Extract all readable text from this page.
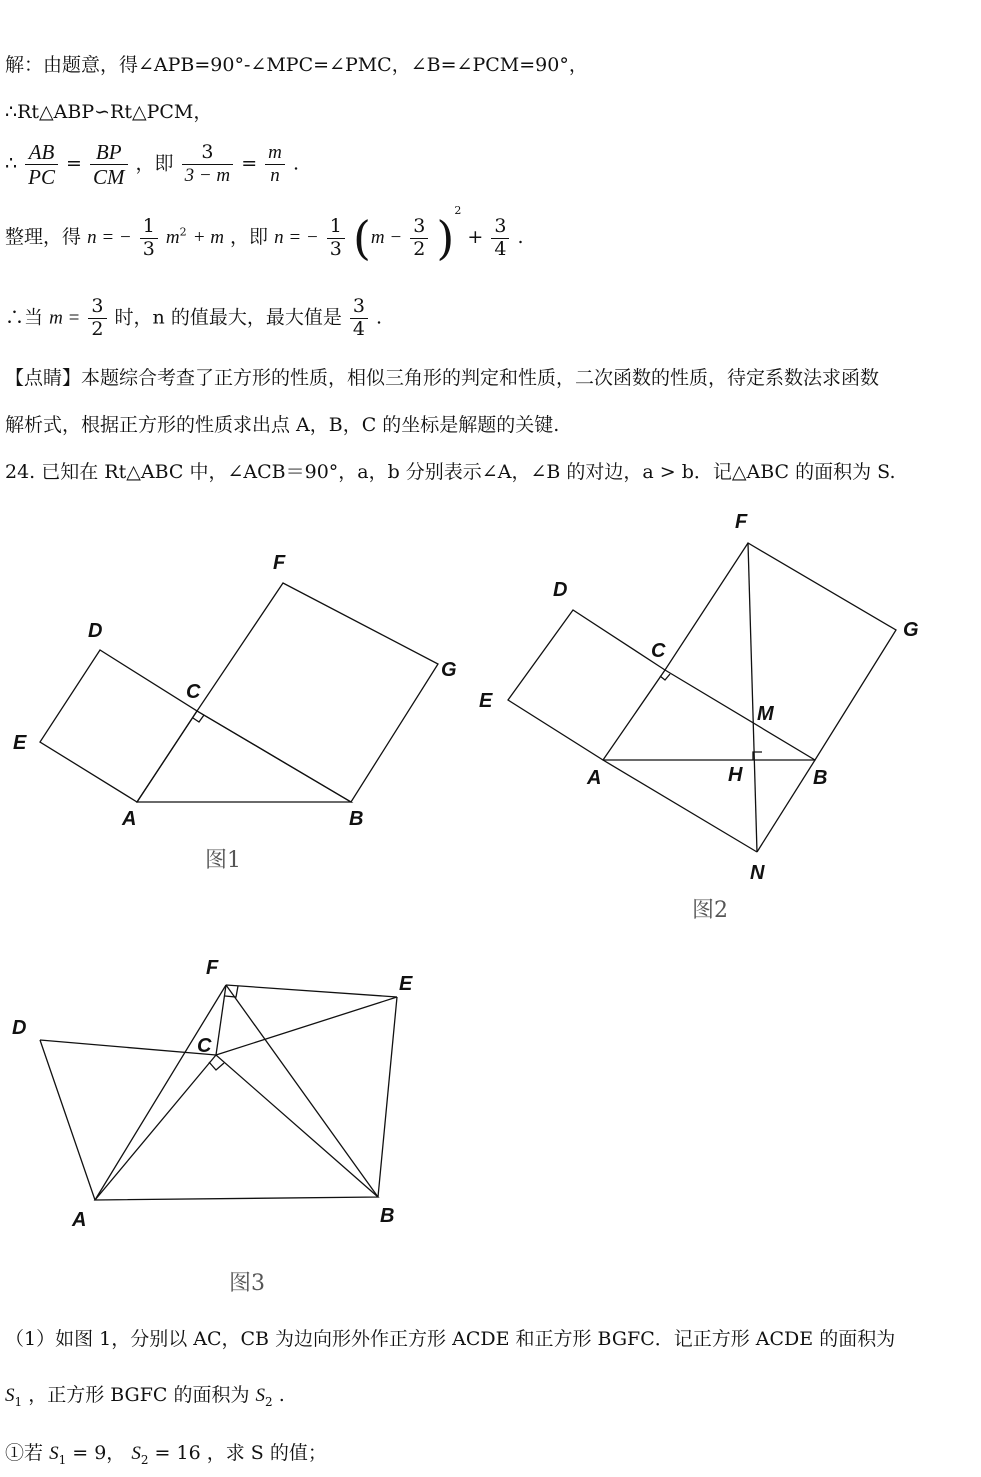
解：由题意，得∠APB=90°-∠MPC=∠PMC，∠B=∠PCM=90°，
∴Rt△ABP∽Rt△PCM，
∴ $\frac{AB}{PC} = \frac{BP}{CM}$ ，即 $\frac{3}{3 - m} = \frac{m}{n}$ .
整理，得 n = − $\frac{1}{3} m^2 + m$ ，即 n = − $\frac{1}{3} (m - \frac{3}{2} )^2 + \frac{3}{4}$ .
∴当 $m = \frac{3}{2}$ 时，n 的值最大，最大值是 $\frac{3}{4}$ .
【点睛】本题综合考查了正方形的性质，相似三角形的判定和性质，二次函数的性质，待定系数法求函数
解析式，根据正方形的性质求出点 A，B，C 的坐标是解题的关键.
24. 已知在 Rt△ABC 中，∠ACB＝90°，a，b 分别表示∠A，∠B 的对边，a > b．记△ABC 的面积为 S.
A	B
C
D
E
F
G
图1
A	B
C
D
E
F
G
H
M
N
图2
A	B
C
D
E
F
图3
（1）如图 1，分别以 AC，CB 为边向形外作正方形 ACDE 和正方形 BGFC．记正方形 ACDE 的面积为
$S_1$ ，正方形 BGFC 的面积为 $S_2$ .
①若 $S_1 = 9$， $S_2 = 16$ ，求 S 的值；
